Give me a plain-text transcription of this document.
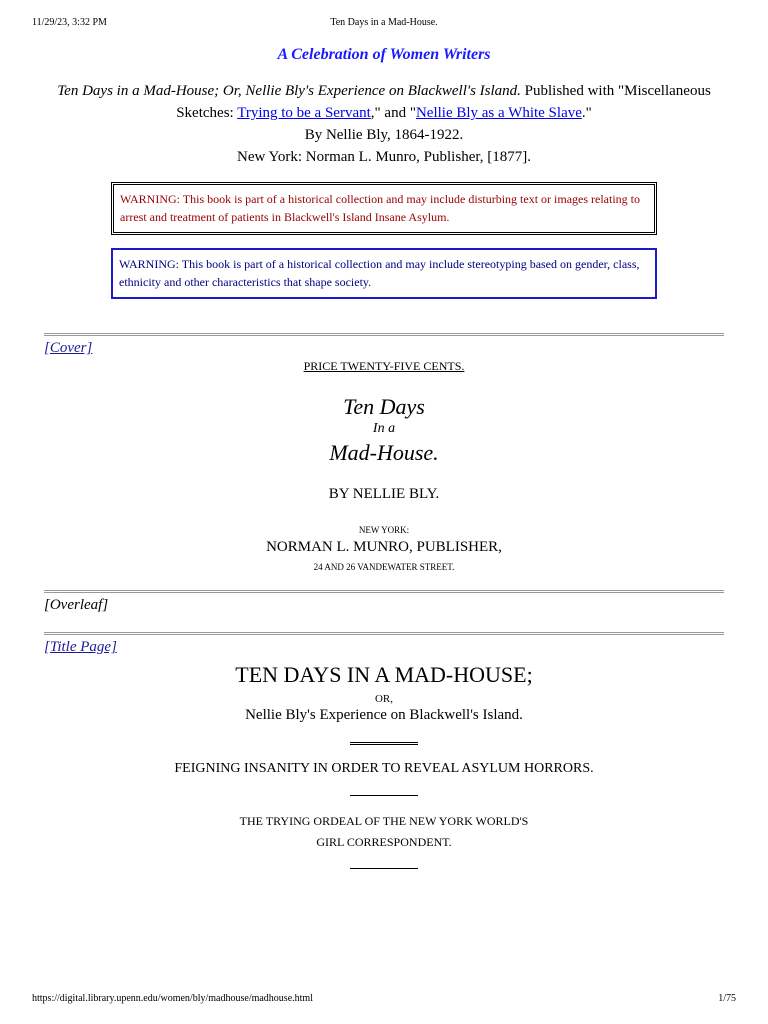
11/29/23, 3:32 PM	Ten Days in a Mad-House.
A Celebration of Women Writers
Ten Days in a Mad-House; Or, Nellie Bly's Experience on Blackwell's Island. Published with "Miscellaneous Sketches: Trying to be a Servant," and "Nellie Bly as a White Slave."
By Nellie Bly, 1864-1922.
New York: Norman L. Munro, Publisher, [1877].
WARNING: This book is part of a historical collection and may include disturbing text or images relating to arrest and treatment of patients in Blackwell's Island Insane Asylum.
WARNING: This book is part of a historical collection and may include stereotyping based on gender, class, ethnicity and other characteristics that shape society.
[Cover]
PRICE TWENTY-FIVE CENTS.
Ten Days
In a
Mad-House.
BY NELLIE BLY.
NEW YORK:
NORMAN L. MUNRO, PUBLISHER,
24 AND 26 VANDEWATER STREET.
[Overleaf]
[Title Page]
TEN DAYS IN A MAD-HOUSE;
OR,
Nellie Bly's Experience on Blackwell's Island.
FEIGNING INSANITY IN ORDER TO REVEAL ASYLUM HORRORS.
THE TRYING ORDEAL OF THE NEW YORK WORLD'S
GIRL CORRESPONDENT.
https://digital.library.upenn.edu/women/bly/madhouse/madhouse.html	1/75
